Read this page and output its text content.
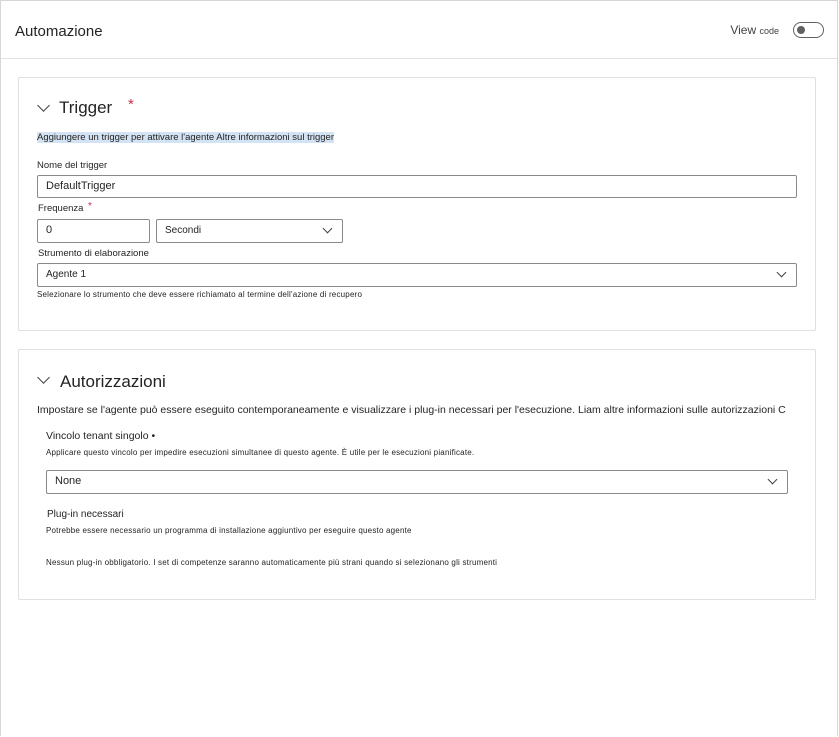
Automazione	View code
Trigger *
Aggiungere un trigger per attivare l'agente Altre informazioni sul trigger
Nome del trigger
DefaultTrigger
Frequenza *
0	Secondi
Strumento di elaborazione
Agente 1
Selezionare lo strumento che deve essere richiamato al termine dell'azione di recupero
Autorizzazioni
Impostare se l'agente può essere eseguito contemporaneamente e visualizzare i plug-in necessari per l'esecuzione. Liam altre informazioni sulle autorizzazioni C
Vincolo tenant singolo •
Applicare questo vincolo per impedire esecuzioni simultanee di questo agente. È utile per le esecuzioni pianificate.
None
Plug-in necessari
Potrebbe essere necessario un programma di installazione aggiuntivo per eseguire questo agente
Nessun plug-in obbligatorio. I set di competenze saranno automaticamente più strani quando si selezionano gli strumenti
